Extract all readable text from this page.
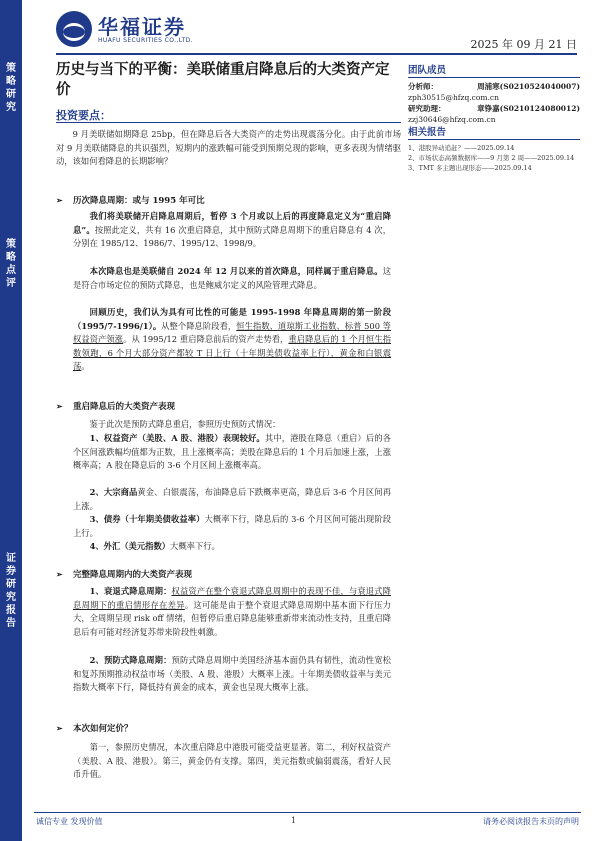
策略研究
策略点评
证券研究报告
华福证券
HUAFU SECURITIES CO.,LTD.	2025 年 09 月 21 日
历史与当下的平衡：美联储重启降息后的大类资产定价
投资要点：
团队成员
分析师：	周浦寒(S0210524040007)
zph30515@hfzq.com.cn
研究助理：	章铮嘉(S0210124080012)
zzj30646@hfzq.com.cn
相关报告
1、港股异动追赶？——2025.09.14
2、市场状态高频数据库——9 月第 2 周——2025.09.14
3、TMT 多主题出现形态——2025.09.14
9 月美联储如期降息 25bp，但在降息后各大类资产的走势出现震荡分化。由于此前市场对 9 月美联储降息的共识强烈，短期内的涨跌幅可能受到预期兑现的影响，更多表现为情绪驱动，该如何看降息的长期影响？
➢ 历次降息周期：或与 1995 年可比
我们将美联储开启降息周期后，暂停 3 个月或以上后的再度降息定义为“重启降息”。按照此定义，共有 16 次重启降息，其中预防式降息周期下的重启降息有 4 次，分别在 1985/12、1986/7、1995/12、1998/9。
本次降息也是美联储自 2024 年 12 月以来的首次降息，同样属于重启降息。这是符合市场定位的预防式降息，也是鲍威尔定义的风险管理式降息。
回顾历史，我们认为具有可比性的可能是 1995-1998 年降息周期的第一阶段（1995/7-1996/1）。从整个降息阶段看，恒生指数、道琼斯工业指数、标普 500 等权益资产领涨。从 1995/12 重启降息前后的资产走势看，重启降息后的 1 个月恒生指数领跑，6 个月大部分资产都较 T 日上行（十年期美债收益率上行），黄金和白银震荡。
➢ 重启降息后的大类资产表现
鉴于此次是预防式降息重启，参照历史预防式情况：
1、权益资产（美股、A 股、港股）表现较好。其中，港股在降息（重启）后的各个区间涨跌幅均值都为正数，且上涨概率高；美股在降息后的 1 个月后加速上涨，上涨概率高；A 股在降息后的 3-6 个月区间上涨概率高。
2、大宗商品黄金、白银震荡，布油降息后下跌概率更高，降息后 3-6 个月区间再上涨。
3、债券（十年期美债收益率）大概率下行，降息后的 3-6 个月区间可能出现阶段上行。
4、外汇（美元指数）大概率下行。
➢ 完整降息周期内的大类资产表现
1、衰退式降息周期：权益资产在整个衰退式降息周期中的表现不佳，与衰退式降息周期下的重启情形存在差异。这可能是由于整个衰退式降息周期中基本面下行压力大，全周期呈现 risk off 情绪，但暂停后重启降息能够重新带来流动性支持，且重启降息后有可能对经济复苏带来阶段性刺激。
2、预防式降息周期：预防式降息周期中美国经济基本面仍具有韧性，流动性宽松和复苏预期推动权益市场（美股、A 股、港股）大概率上涨。十年期美债收益率与美元指数大概率下行，降低持有黄金的成本，黄金也呈现大概率上涨。
➢ 本次如何定价？
第一，参照历史情况，本次重启降息中港股可能受益更显著。第二，利好权益资产（美股、A 股、港股）。第三，黄金仍有支撑。第四，美元指数或偏弱震荡，看好人民币升值。
诚信专业 发现价值	1	请务必阅读报告末页的声明
